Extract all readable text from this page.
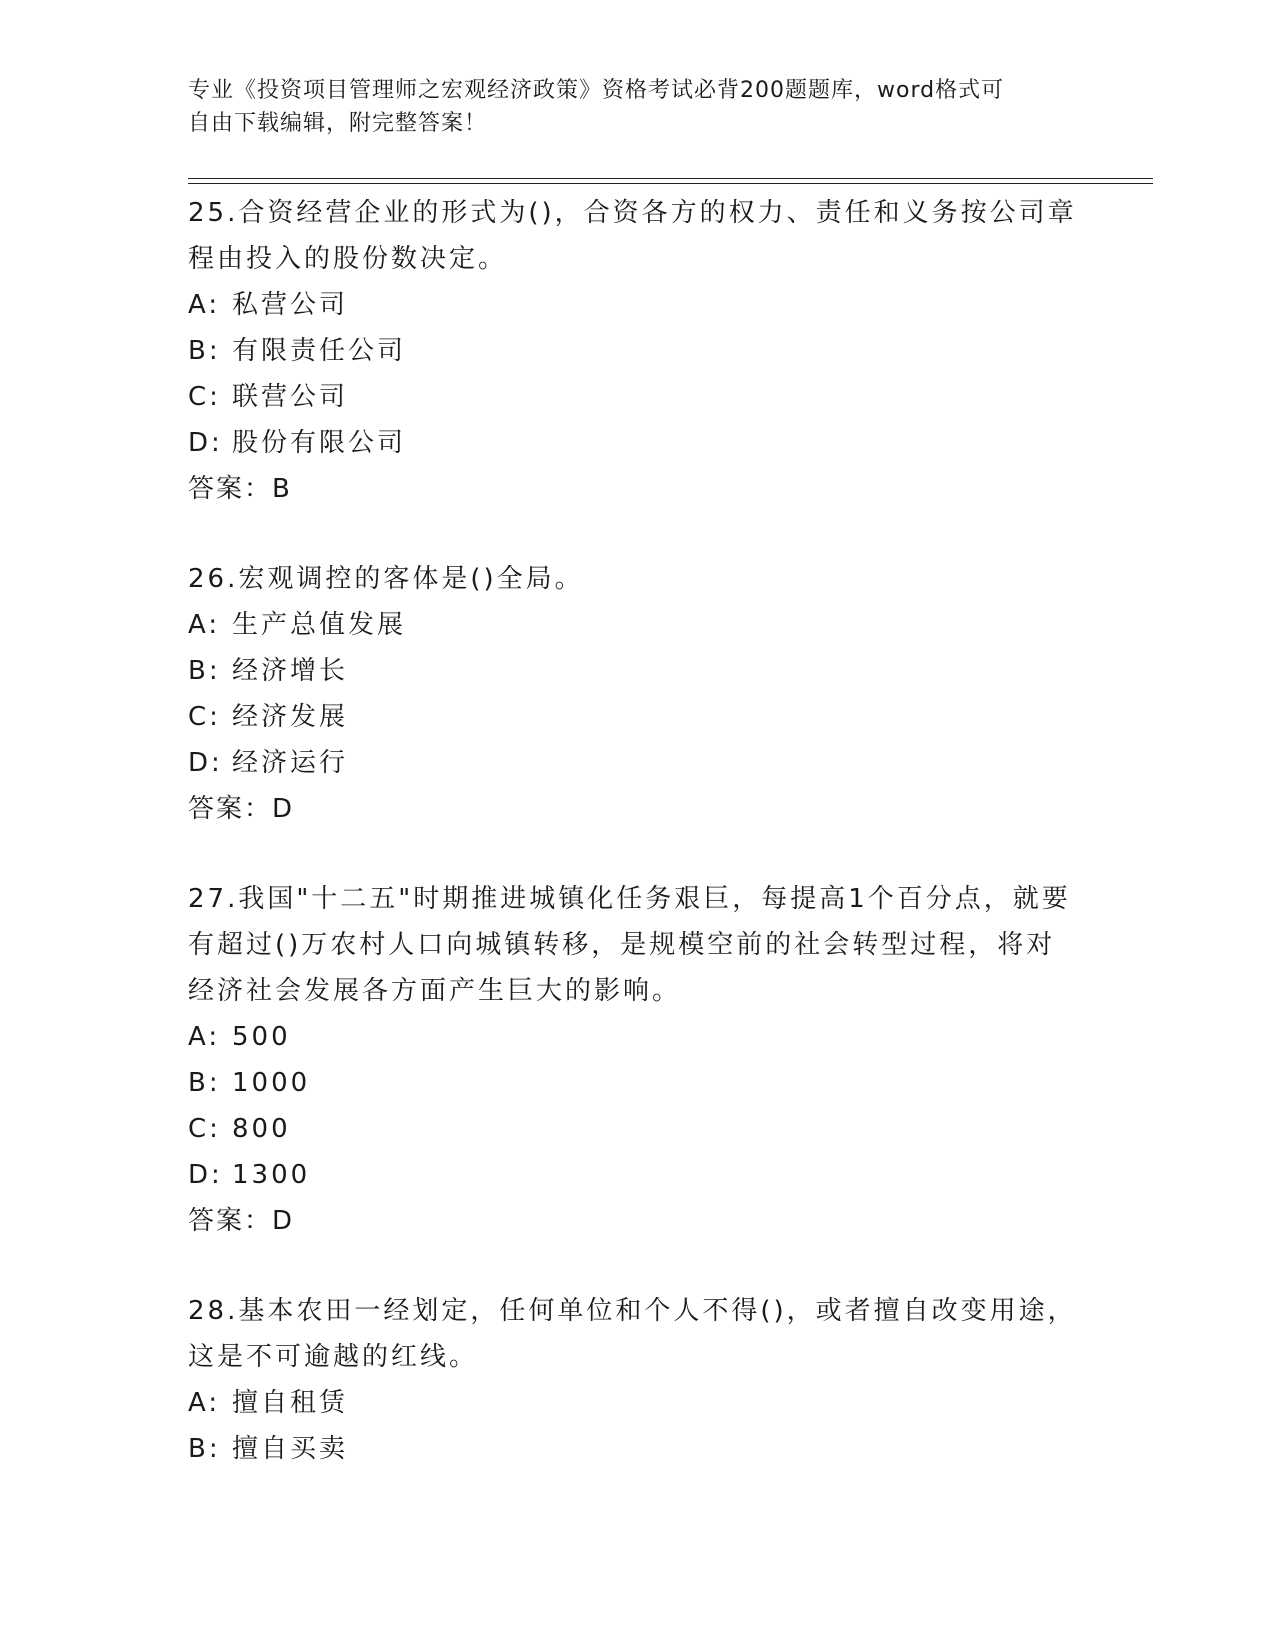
专业《投资项目管理师之宏观经济政策》资格考试必背200题题库，word格式可
自由下载编辑，附完整答案！

25.合资经营企业的形式为()，合资各方的权力、责任和义务按公司章

程由投入的股份数决定。

A: 私营公司

B: 有限责任公司

C: 联营公司

D: 股份有限公司

答案：B

26.宏观调控的客体是()全局。

A: 生产总值发展

B: 经济增长

C: 经济发展

D: 经济运行

答案：D

27.我国"十二五"时期推进城镇化任务艰巨，每提高1个百分点，就要

有超过()万农村人口向城镇转移，是规模空前的社会转型过程，将对

经济社会发展各方面产生巨大的影响。

A: 500

B: 1000

C: 800

D: 1300

答案：D

28.基本农田一经划定，任何单位和个人不得()，或者擅自改变用途，

这是不可逾越的红线。

A: 擅自租赁

B: 擅自买卖
